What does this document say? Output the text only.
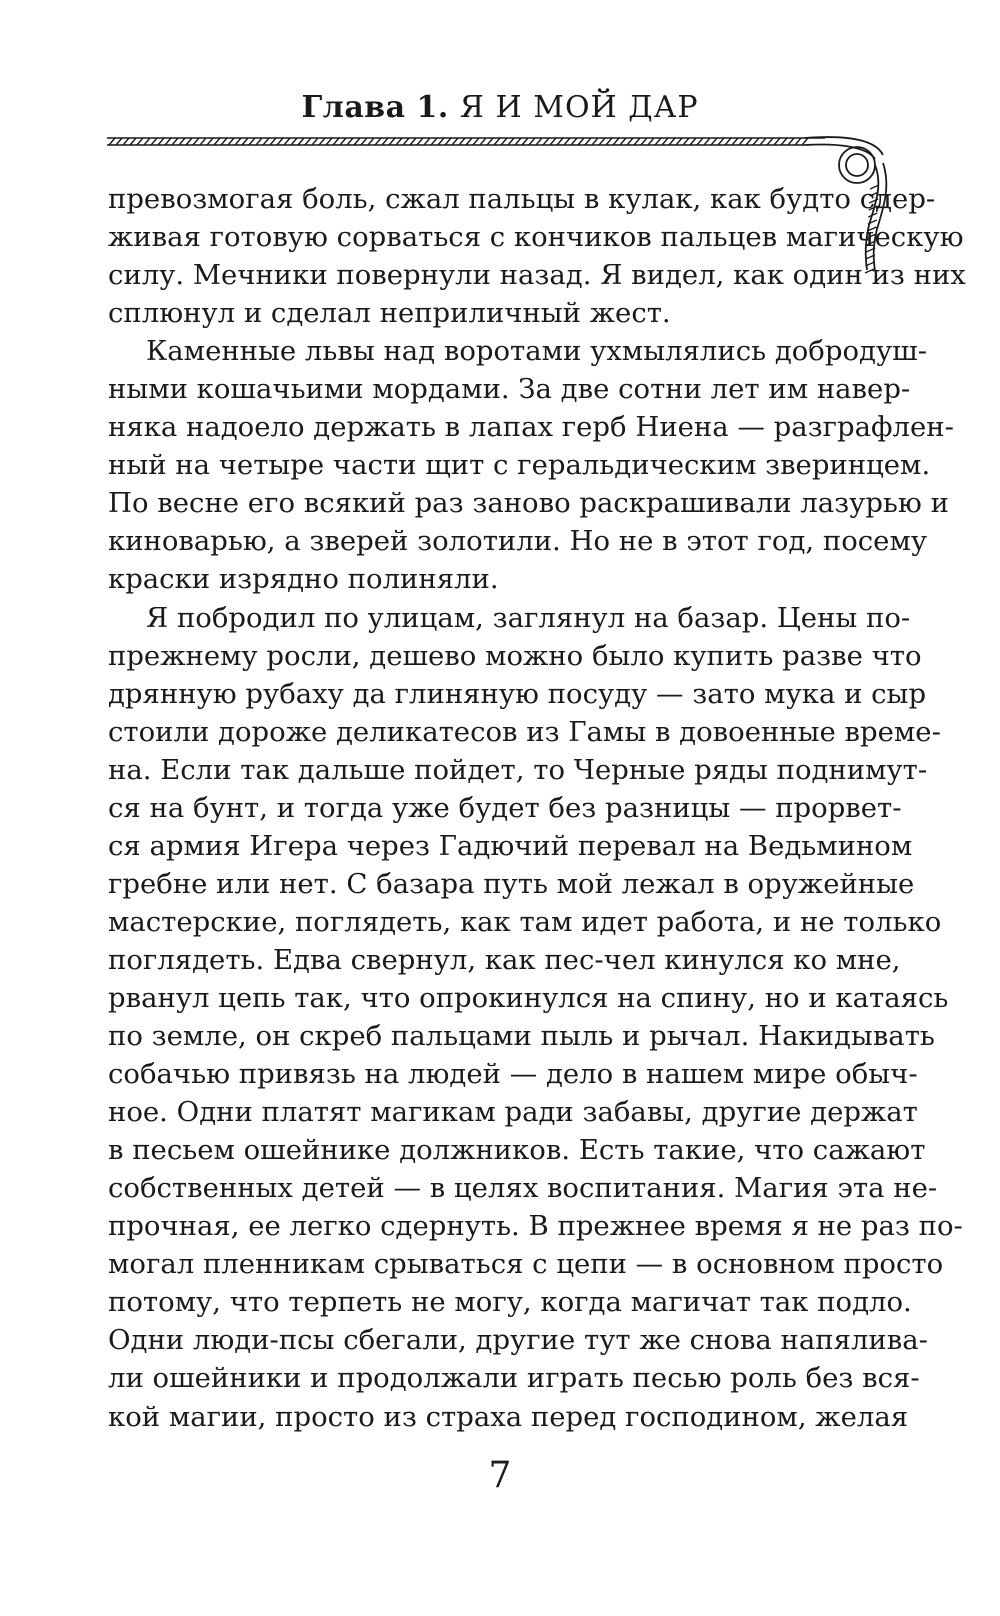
Глава 1. Я И МОЙ ДАР
превозмогая боль, сжал пальцы в кулак, как будто сдер-
живая готовую сорваться с кончиков пальцев магическую
силу. Мечники повернули назад. Я видел, как один из них
сплюнул и сделал неприличный жест.
Каменные львы над воротами ухмылялись добродуш-
ными кошачьими мордами. За две сотни лет им навер-
няка надоело держать в лапах герб Ниена — разграфлен-
ный на четыре части щит с геральдическим зверинцем.
По весне его всякий раз заново раскрашивали лазурью и
киноварью, а зверей золотили. Но не в этот год, посему
краски изрядно полиняли.
Я побродил по улицам, заглянул на базар. Цены по-
прежнему росли, дешево можно было купить разве что
дрянную рубаху да глиняную посуду — зато мука и сыр
стоили дороже деликатесов из Гамы в довоенные време-
на. Если так дальше пойдет, то Черные ряды поднимут-
ся на бунт, и тогда уже будет без разницы — прорвет-
ся армия Игера через Гадючий перевал на Ведьмином
гребне или нет. С базара путь мой лежал в оружейные
мастерские, поглядеть, как там идет работа, и не только
поглядеть. Едва свернул, как пес-чел кинулся ко мне,
рванул цепь так, что опрокинулся на спину, но и катаясь
по земле, он скреб пальцами пыль и рычал. Накидывать
собачью привязь на людей — дело в нашем мире обыч-
ное. Одни платят магикам ради забавы, другие держат
в песьем ошейнике должников. Есть такие, что сажают
собственных детей — в целях воспитания. Магия эта не-
прочная, ее легко сдернуть. В прежнее время я не раз по-
могал пленникам срываться с цепи — в основном просто
потому, что терпеть не могу, когда магичат так подло.
Одни люди-псы сбегали, другие тут же снова напялива-
ли ошейники и продолжали играть песью роль без вся-
кой магии, просто из страха перед господином, желая
7
